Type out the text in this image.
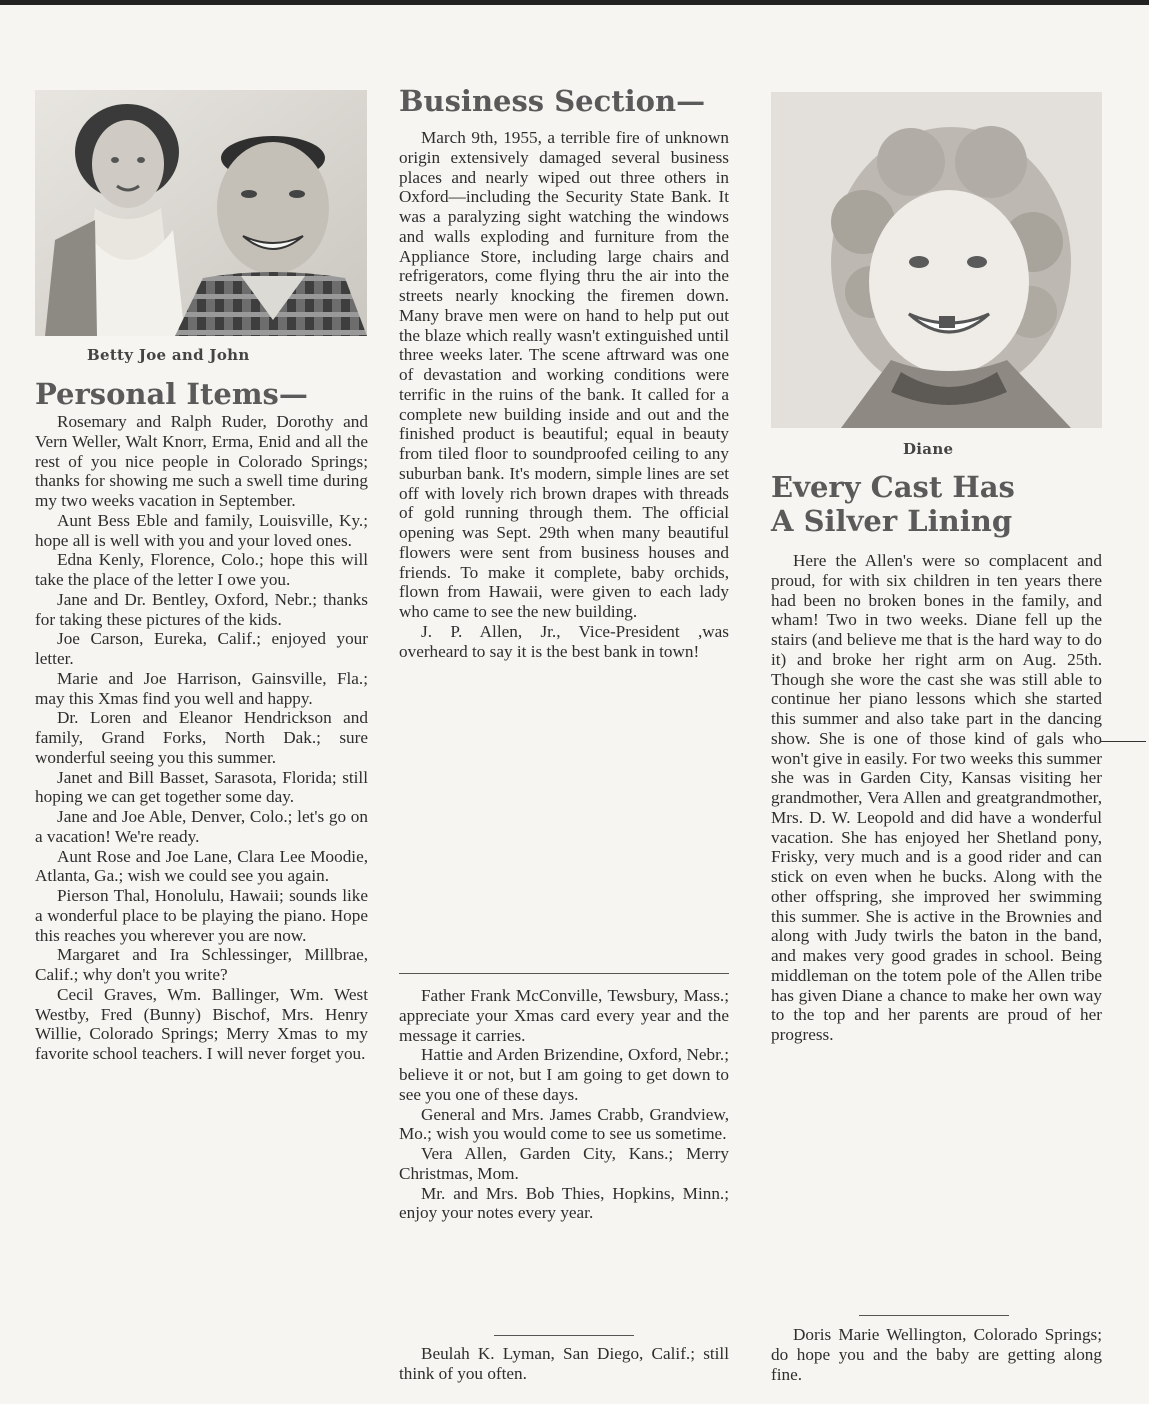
Betty Joe and John
Personal Items—

Rosemary and Ralph Ruder, Dorothy and Vern Weller, Walt Knorr, Erma, Enid and all the rest of you nice people in Colorado Springs; thanks for showing me such a swell time during my two weeks vacation in September.

Aunt Bess Eble and family, Louisville, Ky.; hope all is well with you and your loved ones.

Edna Kenly, Florence, Colo.; hope this will take the place of the letter I owe you.

Jane and Dr. Bentley, Oxford, Nebr.; thanks for taking these pictures of the kids.

Joe Carson, Eureka, Calif.; enjoyed your letter.

Marie and Joe Harrison, Gainsville, Fla.; may this Xmas find you well and happy.

Dr. Loren and Eleanor Hendrickson and family, Grand Forks, North Dak.; sure wonderful seeing you this summer.

Janet and Bill Basset, Sarasota, Florida; still hoping we can get together some day.

Jane and Joe Able, Denver, Colo.; let's go on a vacation! We're ready.

Aunt Rose and Joe Lane, Clara Lee Moodie, Atlanta, Ga.; wish we could see you again.

Pierson Thal, Honolulu, Hawaii; sounds like a wonderful place to be playing the piano. Hope this reaches you wherever you are now.

Margaret and Ira Schlessinger, Millbrae, Calif.; why don't you write?

Cecil Graves, Wm. Ballinger, Wm. West Westby, Fred (Bunny) Bischof, Mrs. Henry Willie, Colorado Springs; Merry Xmas to my favorite school teachers. I will never forget you.

Business Section—

March 9th, 1955, a terrible fire of unknown origin extensively damaged several business places and nearly wiped out three others in Oxford—including the Security State Bank. It was a paralyzing sight watching the windows and walls exploding and furniture from the Appliance Store, including large chairs and refrigerators, come flying thru the air into the streets nearly knocking the firemen down. Many brave men were on hand to help put out the blaze which really wasn't extinguished until three weeks later. The scene aftrward was one of devastation and working conditions were terrific in the ruins of the bank. It called for a complete new building inside and out and the finished product is beautiful; equal in beauty from tiled floor to soundproofed ceiling to any suburban bank. It's modern, simple lines are set off with lovely rich brown drapes with threads of gold running through them. The official opening was Sept. 29th when many beautiful flowers were sent from business houses and friends. To make it complete, baby orchids, flown from Hawaii, were given to each lady who came to see the new building.

J. P. Allen, Jr., Vice-President ,was overheard to say it is the best bank in town!

Father Frank McConville, Tewsbury, Mass.; appreciate your Xmas card every year and the message it carries.

Hattie and Arden Brizendine, Oxford, Nebr.; believe it or not, but I am going to get down to see you one of these days.

General and Mrs. James Crabb, Grandview, Mo.; wish you would come to see us sometime.

Vera Allen, Garden City, Kans.; Merry Christmas, Mom.

Mr. and Mrs. Bob Thies, Hopkins, Minn.; enjoy your notes every year.

Beulah K. Lyman, San Diego, Calif.; still think of you often.

Diane
Every Cast Has
A Silver Lining

Here the Allen's were so complacent and proud, for with six children in ten years there had been no broken bones in the family, and wham! Two in two weeks. Diane fell up the stairs (and believe me that is the hard way to do it) and broke her right arm on Aug. 25th. Though she wore the cast she was still able to continue her piano lessons which she started this summer and also take part in the dancing show. She is one of those kind of gals who won't give in easily. For two weeks this summer she was in Garden City, Kansas visiting her grandmother, Vera Allen and greatgrandmother, Mrs. D. W. Leopold and did have a wonderful vacation. She has enjoyed her Shetland pony, Frisky, very much and is a good rider and can stick on even when he bucks. Along with the other offspring, she improved her swimming this summer. She is active in the Brownies and along with Judy twirls the baton in the band, and makes very good grades in school. Being middleman on the totem pole of the Allen tribe has given Diane a chance to make her own way to the top and her parents are proud of her progress.

Doris Marie Wellington, Colorado Springs; do hope you and the baby are getting along fine.
